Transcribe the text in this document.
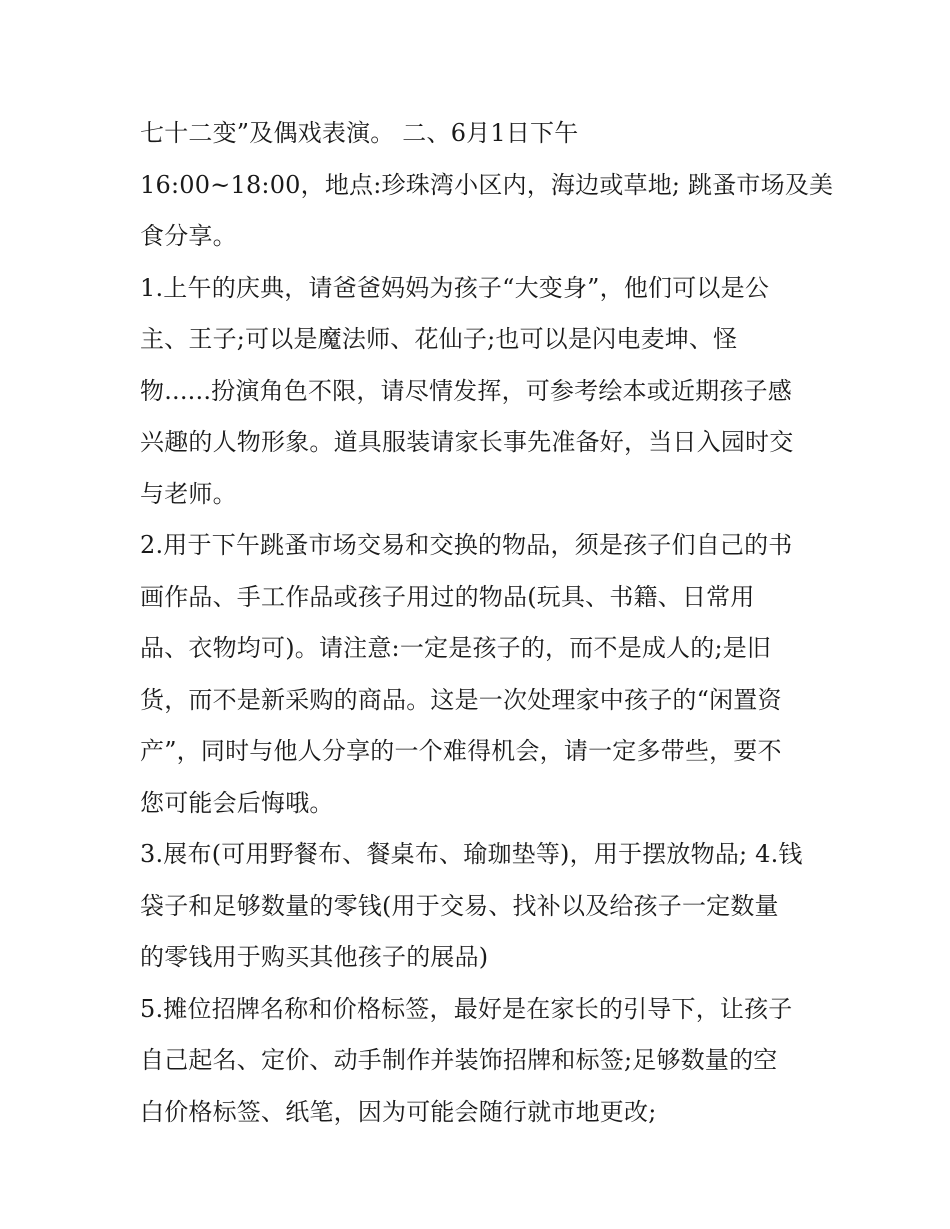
七十二变”及偶戏表演。 二、6月1日下午
16:00~18:00，地点:珍珠湾小区内，海边或草地; 跳蚤市场及美
食分享。
1.上午的庆典，请爸爸妈妈为孩子“大变身”，他们可以是公
主、王子;可以是魔法师、花仙子;也可以是闪电麦坤、怪
物......扮演角色不限，请尽情发挥，可参考绘本或近期孩子感
兴趣的人物形象。道具服装请家长事先准备好，当日入园时交
与老师。
2.用于下午跳蚤市场交易和交换的物品，须是孩子们自己的书
画作品、手工作品或孩子用过的物品(玩具、书籍、日常用
品、衣物均可)。请注意:一定是孩子的，而不是成人的;是旧
货，而不是新采购的商品。这是一次处理家中孩子的“闲置资
产”，同时与他人分享的一个难得机会，请一定多带些，要不
您可能会后悔哦。
3.展布(可用野餐布、餐桌布、瑜珈垫等)，用于摆放物品; 4.钱
袋子和足够数量的零钱(用于交易、找补以及给孩子一定数量
的零钱用于购买其他孩子的展品)
5.摊位招牌名称和价格标签，最好是在家长的引导下，让孩子
自己起名、定价、动手制作并装饰招牌和标签;足够数量的空
白价格标签、纸笔，因为可能会随行就市地更改;
